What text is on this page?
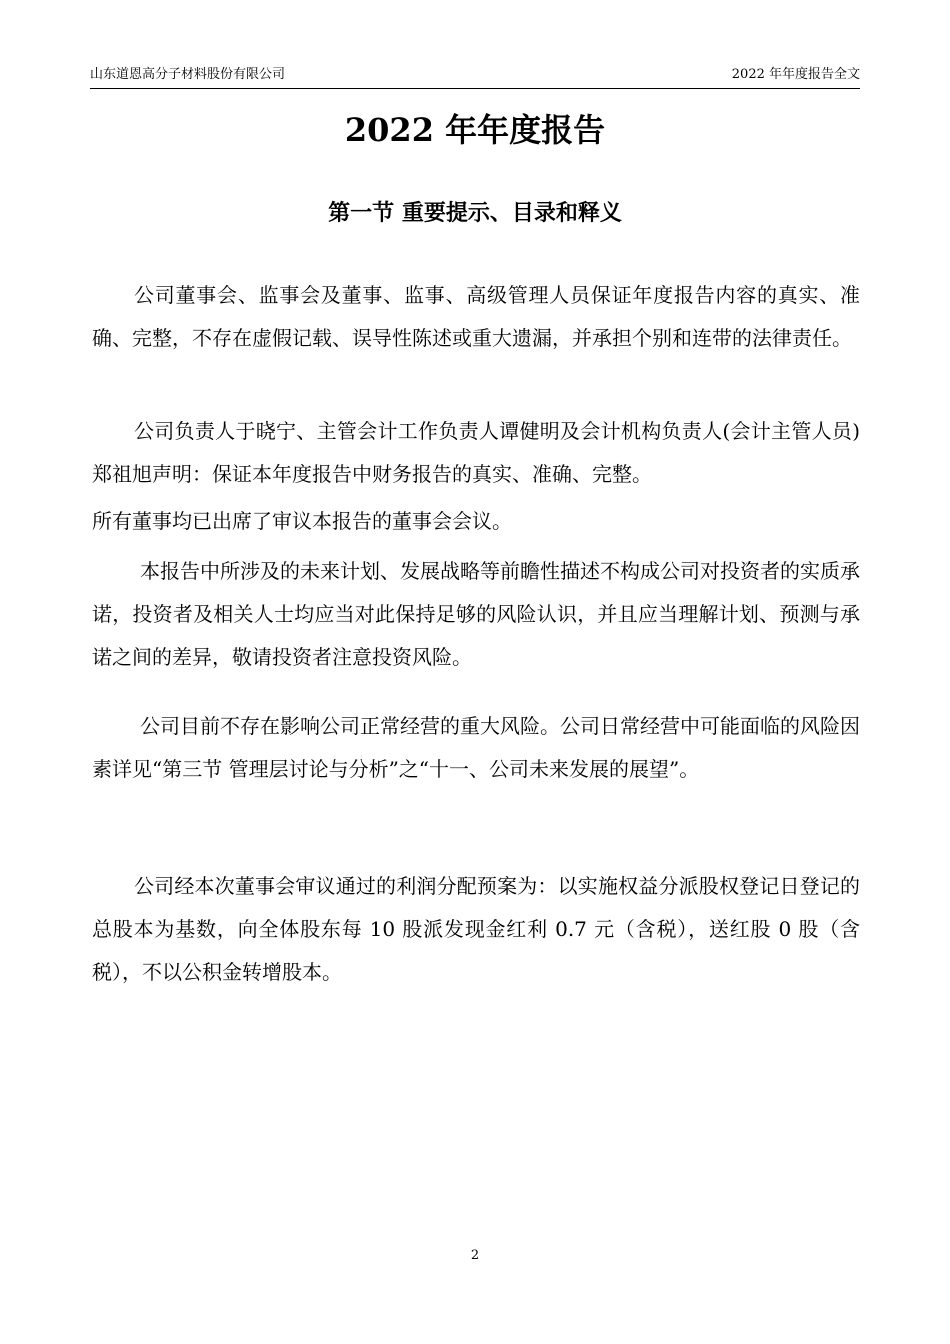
山东道恩高分子材料股份有限公司	2022 年年度报告全文
2022 年年度报告
第一节 重要提示、目录和释义

公司董事会、监事会及董事、监事、高级管理人员保证年度报告内容的真实、准确、完整，不存在虚假记载、误导性陈述或重大遗漏，并承担个别和连带的法律责任。

公司负责人于晓宁、主管会计工作负责人谭健明及会计机构负责人(会计主管人员)郑祖旭声明：保证本年度报告中财务报告的真实、准确、完整。

所有董事均已出席了审议本报告的董事会会议。

本报告中所涉及的未来计划、发展战略等前瞻性描述不构成公司对投资者的实质承诺，投资者及相关人士均应当对此保持足够的风险认识，并且应当理解计划、预测与承诺之间的差异，敬请投资者注意投资风险。

公司目前不存在影响公司正常经营的重大风险。公司日常经营中可能面临的风险因素详见“第三节 管理层讨论与分析”之“十一、公司未来发展的展望”。

公司经本次董事会审议通过的利润分配预案为：以实施权益分派股权登记日登记的总股本为基数，向全体股东每 10 股派发现金红利 0.7 元（含税），送红股 0 股（含税），不以公积金转增股本。

2
